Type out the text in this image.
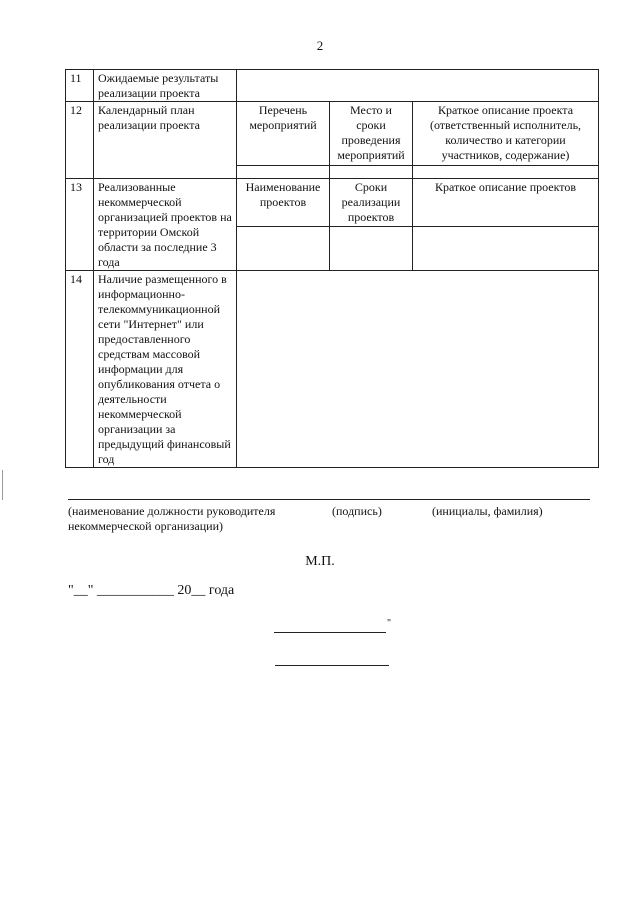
2
11	Ожидаемые результаты реализации проекта			
12	Календарный план реализации проекта	Перечень мероприятий	Место и сроки проведения мероприятий	Краткое описание проекта (ответственный исполнитель, количество и категории участников, содержание)

13	Реализованные некоммерческой организацией проектов на территории Омской области за последние 3 года	Наименование проектов	Сроки реализации проектов	Краткое описание проектов

14	Наличие размещенного в информационно-телекоммуникационной сети "Интернет" или предоставленного средствам массовой информации для опубликования отчета о деятельности некоммерческой организации за предыдущий финансовый год			
(наименование должности руководителя некоммерческой организации)
(подпись)	(инициалы, фамилия)
М.П.
"__" ___________ 20__ года
"
